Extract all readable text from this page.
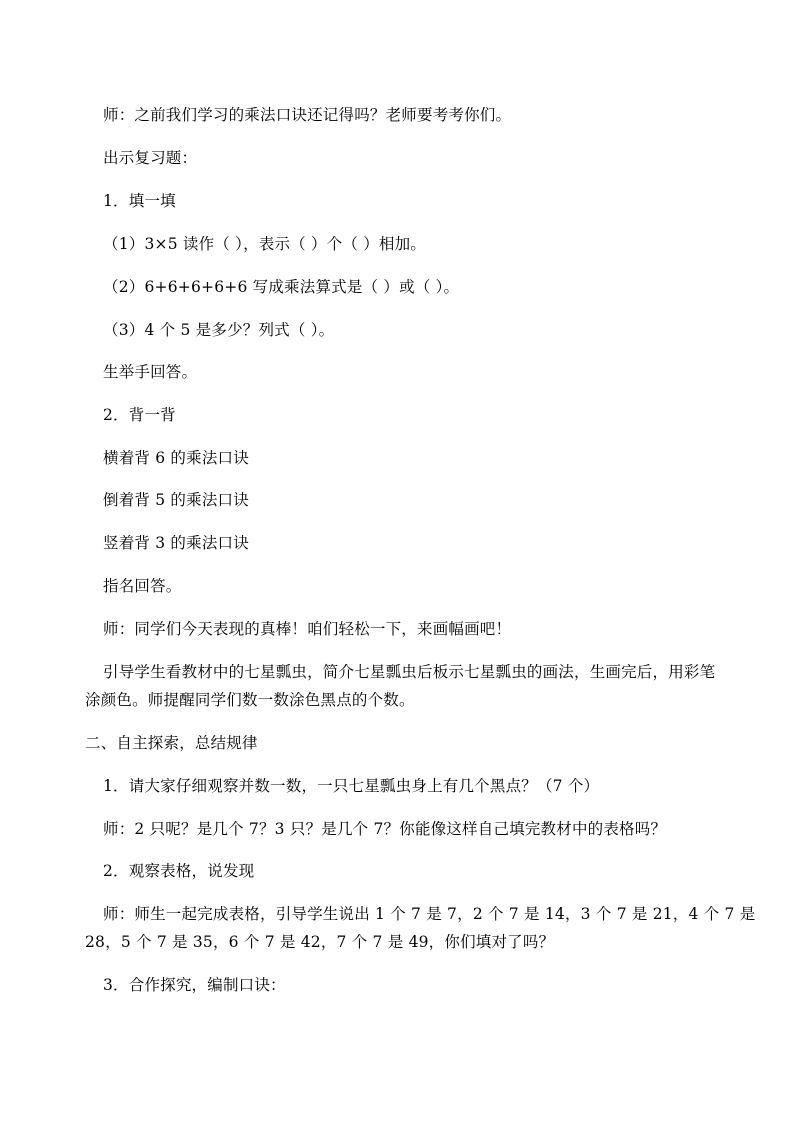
师：之前我们学习的乘法口诀还记得吗？老师要考考你们。
出示复习题：
1．填一填
（1）3×5 读作（ ），表示（ ）个（ ）相加。
（2）6+6+6+6+6 写成乘法算式是（ ）或（ ）。
（3）4 个 5 是多少？列式（ ）。
生举手回答。
2．背一背
横着背 6 的乘法口诀
倒着背 5 的乘法口诀
竖着背 3 的乘法口诀
指名回答。
师：同学们今天表现的真棒！咱们轻松一下，来画幅画吧！
引导学生看教材中的七星瓢虫，简介七星瓢虫后板示七星瓢虫的画法，生画完后，用彩笔
涂颜色。师提醒同学们数一数涂色黑点的个数。
二、自主探索，总结规律
1．请大家仔细观察并数一数，一只七星瓢虫身上有几个黑点？（7 个）
师：2 只呢？是几个 7？3 只？是几个 7？你能像这样自己填完教材中的表格吗？
2．观察表格，说发现
师：师生一起完成表格，引导学生说出 1 个 7 是 7，2 个 7 是 14，3 个 7 是 21，4 个 7 是
28，5 个 7 是 35，6 个 7 是 42，7 个 7 是 49，你们填对了吗？
3．合作探究，编制口诀：
